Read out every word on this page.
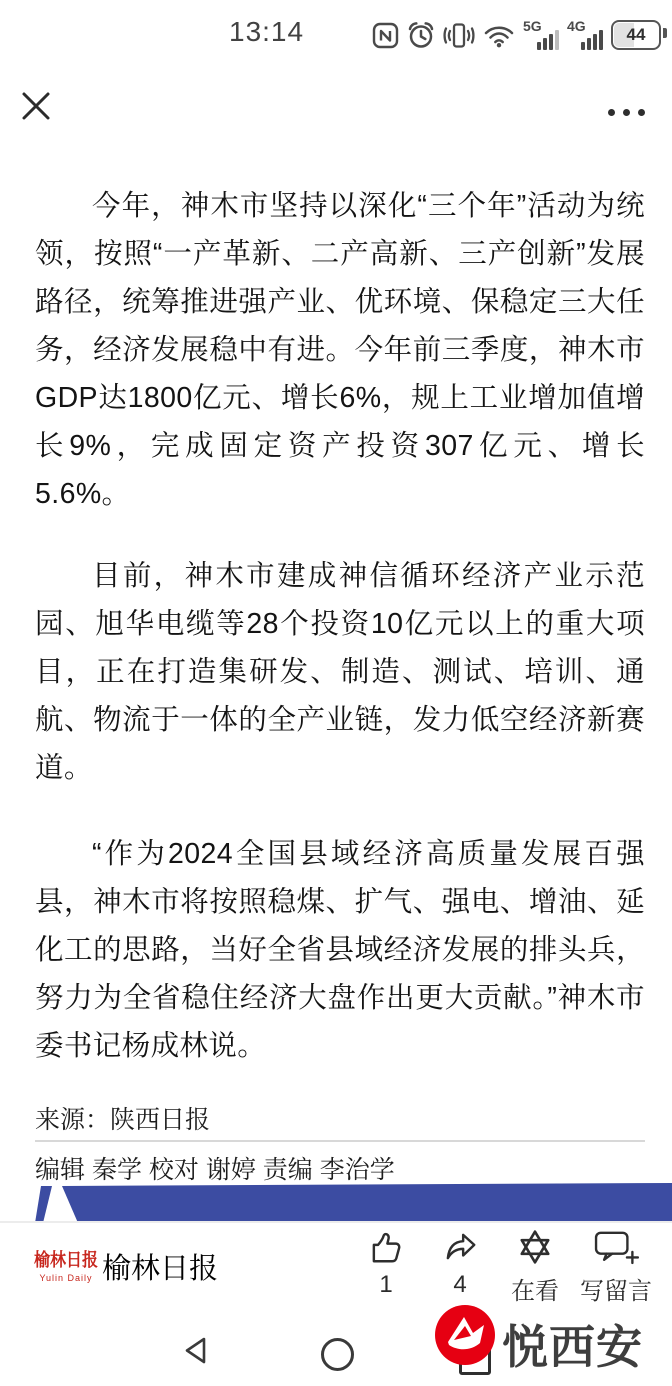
13:14	5G 4G 44

今年，神木市坚持以深化“三个年”活动为统领，按照“一产革新、二产高新、三产创新”发展路径，统筹推进强产业、优环境、保稳定三大任务，经济发展稳中有进。今年前三季度，神木市GDP达1800亿元、增长6%，规上工业增加值增长9%，完成固定资产投资307亿元、增长5.6%。

目前，神木市建成神信循环经济产业示范园、旭华电缆等28个投资10亿元以上的重大项目，正在打造集研发、制造、测试、培训、通航、物流于一体的全产业链，发力低空经济新赛道。

“作为2024全国县域经济高质量发展百强县，神木市将按照稳煤、扩气、强电、增油、延化工的思路，当好全省县域经济发展的排头兵，努力为全省稳住经济大盘作出更大贡献。”神木市委书记杨成林说。

来源：陕西日报
编辑 秦学 校对 谢婷 责编 李治学
榆林日报
Yulin Daily 榆林日报	1	4	在看 写留言
悦西安
